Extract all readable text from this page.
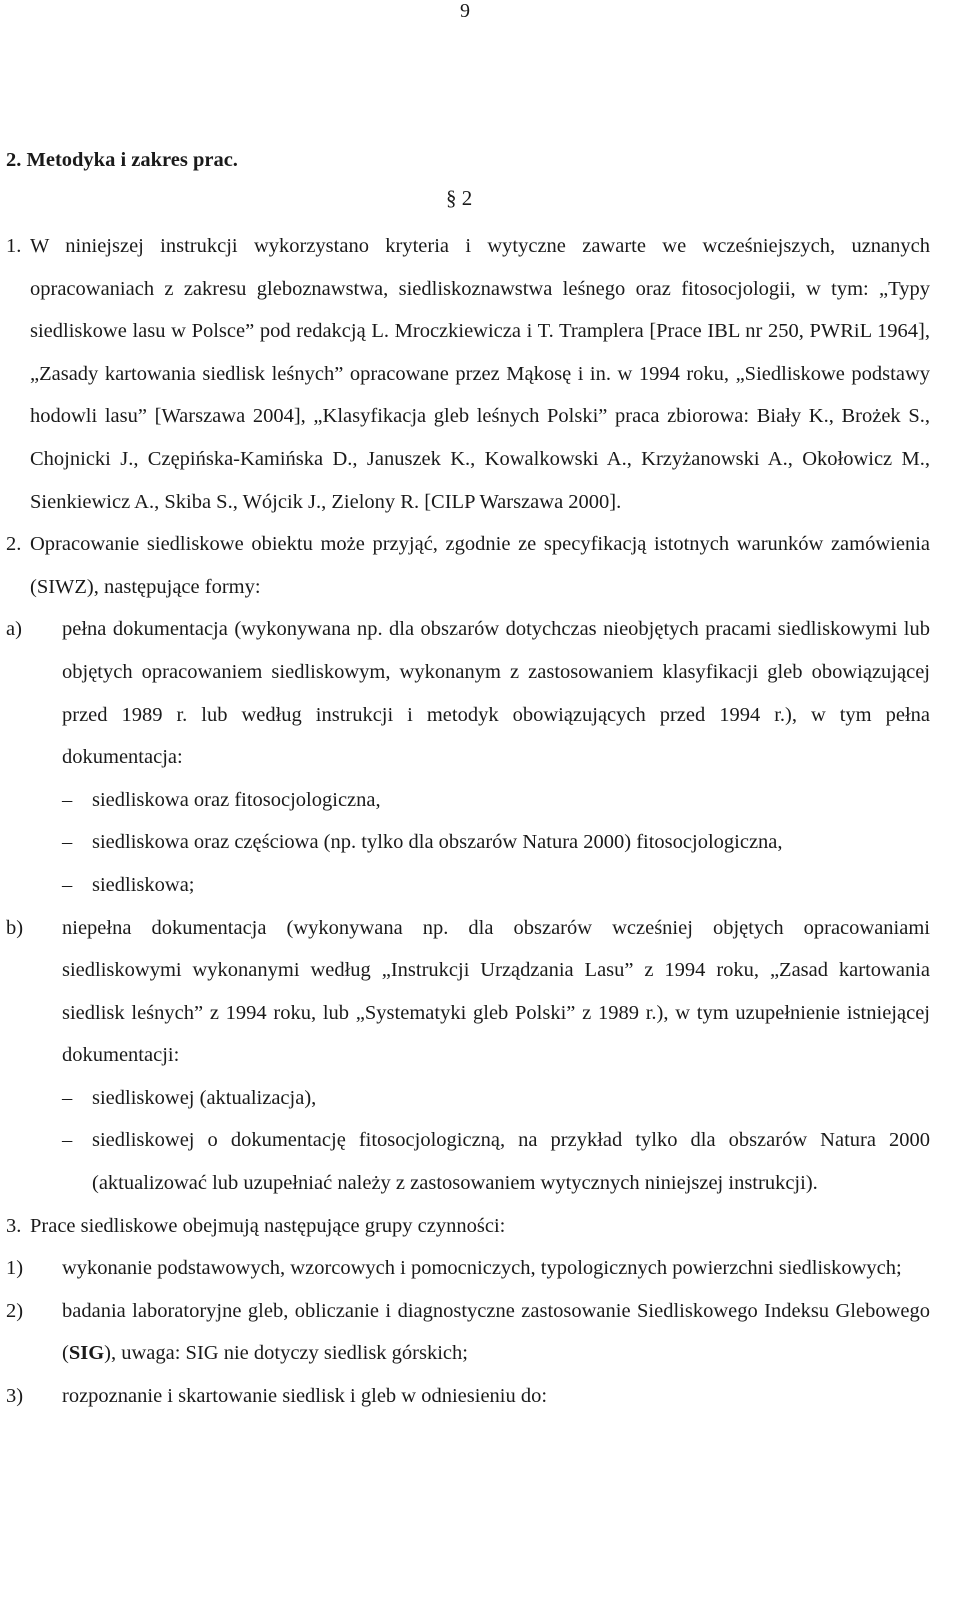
9
2. Metodyka i zakres prac.
§ 2
1. W niniejszej instrukcji wykorzystano kryteria i wytyczne zawarte we wcześniejszych, uznanych opracowaniach z zakresu gleboznawstwa, siedliskoznawstwa leśnego oraz fitosocjologii, w tym: „Typy siedliskowe lasu w Polsce” pod redakcją L. Mroczkiewicza i T. Tramplera [Prace IBL nr 250, PWRiL 1964], „Zasady kartowania siedlisk leśnych” opracowane przez Mąkosę i in. w 1994 roku, „Siedliskowe podstawy hodowli lasu” [Warszawa 2004], „Klasyfikacja gleb leśnych Polski” praca zbiorowa: Biały K., Brożek S., Chojnicki J., Czępińska-Kamińska D., Januszek K., Kowalkowski A., Krzyżanowski A., Okołowicz M., Sienkiewicz A., Skiba S., Wójcik J., Zielony R. [CILP Warszawa 2000].
2. Opracowanie siedliskowe obiektu może przyjąć, zgodnie ze specyfikacją istotnych warunków zamówienia (SIWZ), następujące formy:
a) pełna dokumentacja (wykonywana np. dla obszarów dotychczas nieobjętych pracami siedliskowymi lub objętych opracowaniem siedliskowym, wykonanym z zastosowaniem klasyfikacji gleb obowiązującej przed 1989 r. lub według instrukcji i metodyk obowiązujących przed 1994 r.), w tym pełna dokumentacja:
– siedliskowa oraz fitosocjologiczna,
– siedliskowa oraz częściowa (np. tylko dla obszarów Natura 2000) fitosocjologiczna,
– siedliskowa;
b) niepełna dokumentacja (wykonywana np. dla obszarów wcześniej objętych opracowaniami siedliskowymi wykonanymi według „Instrukcji Urządzania Lasu” z 1994 roku, „Zasad kartowania siedlisk leśnych” z 1994 roku, lub „Systematyki gleb Polski” z 1989 r.), w tym uzupełnienie istniejącej dokumentacji:
– siedliskowej (aktualizacja),
– siedliskowej o dokumentację fitosocjologiczną, na przykład tylko dla obszarów Natura 2000 (aktualizować lub uzupełniać należy z zastosowaniem wytycznych niniejszej instrukcji).
3. Prace siedliskowe obejmują następujące grupy czynności:
1) wykonanie podstawowych, wzorcowych i pomocniczych, typologicznych powierzchni siedliskowych;
2) badania laboratoryjne gleb, obliczanie i diagnostyczne zastosowanie Siedliskowego Indeksu Glebowego (SIG), uwaga: SIG nie dotyczy siedlisk górskich;
3) rozpoznanie i skartowanie siedlisk i gleb w odniesieniu do:
